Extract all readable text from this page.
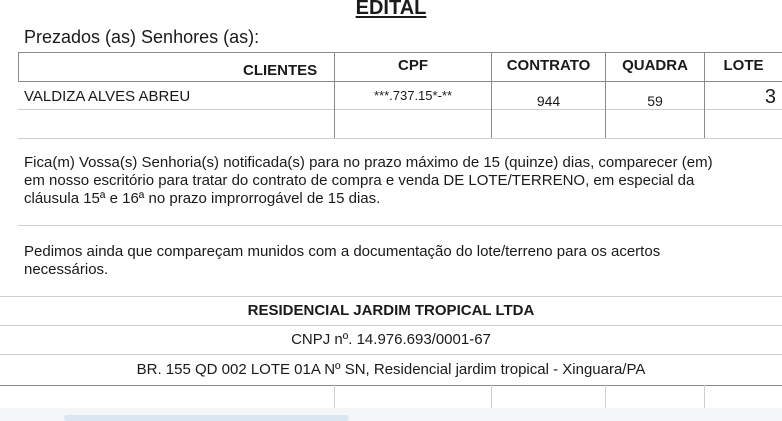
EDITAL
Prezados (as) Senhores (as):
CLIENTES	CPF	CONTRATO	QUADRA	LOTE
VALDIZA ALVES ABREU	***.737.15*-**	944	59	3
Fica(m) Vossa(s) Senhoria(s) notificada(s) para no prazo máximo de 15 (quinze) dias, comparecer (em)
em nosso escritório para tratar do contrato de compra e venda DE LOTE/TERRENO, em especial da
cláusula 15ª e 16ª no prazo improrrogável de 15 dias.
Pedimos ainda que compareçam munidos com a documentação do lote/terreno para os acertos
necessários.
RESIDENCIAL JARDIM TROPICAL LTDA
CNPJ nº. 14.976.693/0001-67
BR. 155 QD 002 LOTE 01A Nº SN, Residencial jardim tropical - Xinguara/PA
